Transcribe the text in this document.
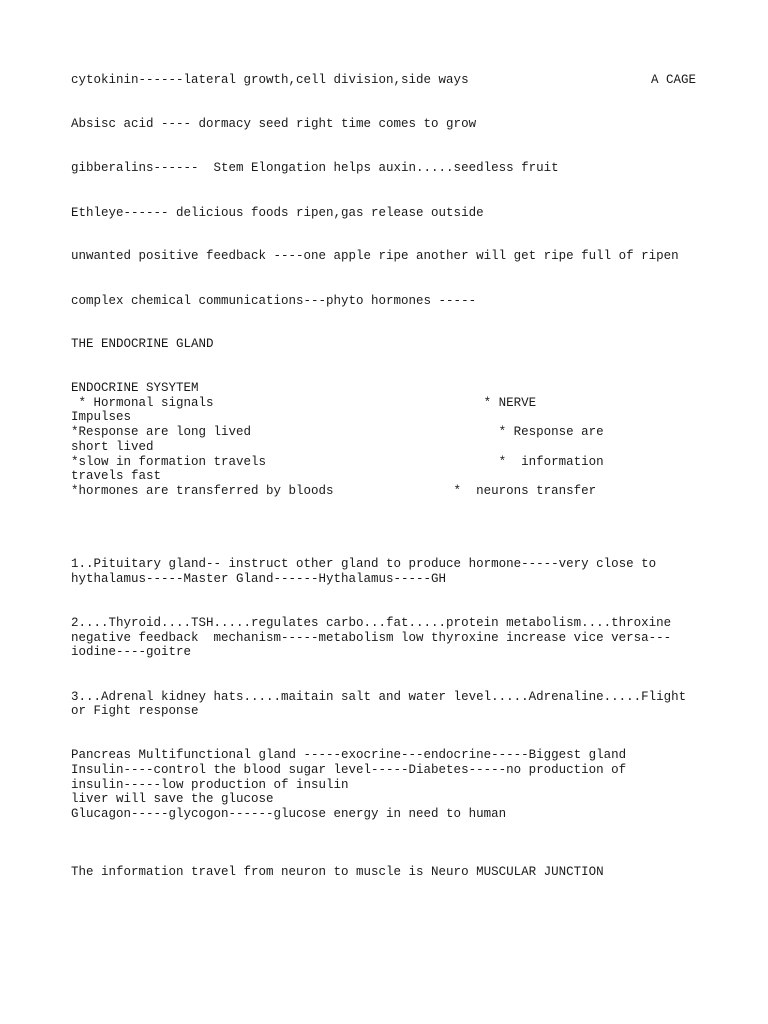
cytokinin------lateral growth,cell division,side ways	A CAGE
Absisc acid ---- dormacy seed right time comes to grow
gibberalins------  Stem Elongation helps auxin.....seedless fruit
Ethleye------ delicious foods ripen,gas release outside
unwanted positive feedback ----one apple ripe another will get ripe full of ripen
complex chemical communications---phyto hormones -----
THE ENDOCRINE GLAND
ENDOCRINE SYSYTEM
* Hormonal signals                                    * NERVE
Impulses
*Response are long lived                                 * Response are
short lived
*slow in formation travels                               *  information
travels fast
*hormones are transferred by bloods                *  neurons transfer
1..Pituitary gland-- instruct other gland to produce hormone-----very close to
hythalamus-----Master Gland------Hythalamus-----GH
2....Thyroid....TSH.....regulates carbo...fat.....protein metabolism....throxine
negative feedback  mechanism-----metabolism low thyroxine increase vice versa---
iodine----goitre
3...Adrenal kidney hats.....maitain salt and water level.....Adrenaline.....Flight
or Fight response
Pancreas Multifunctional gland -----exocrine---endocrine-----Biggest gland
Insulin----control the blood sugar level-----Diabetes-----no production of
insulin-----low production of insulin
liver will save the glucose
Glucagon-----glycogon------glucose energy in need to human
The information travel from neuron to muscle is Neuro MUSCULAR JUNCTION
